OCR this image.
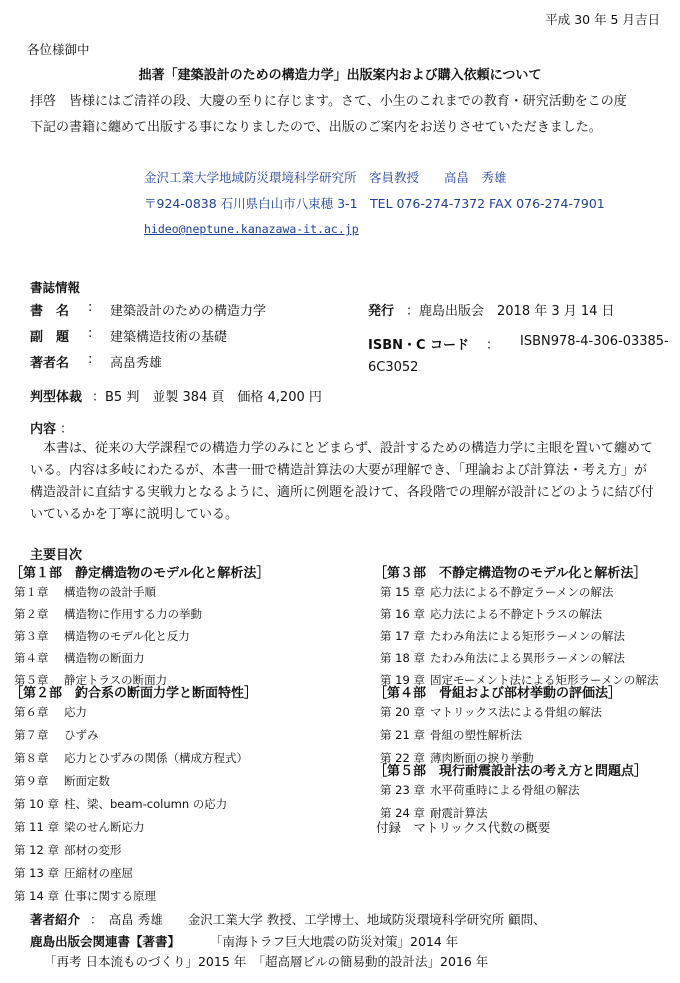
平成 30 年 5 月吉日
各位様御中
拙著「建築設計のための構造力学」出版案内および購入依頼について
拝啓　皆様にはご清祥の段、大慶の至りに存じます。さて、小生のこれまでの教育・研究活動をこの度
下記の書籍に纏めて出版する事になりましたので、出版のご案内をお送りさせていただきました。
金沢工業大学地域防災環境科学研究所　客員教授　　高畠　秀雄
〒924-0838 石川県白山市八束穂 3-1　TEL 076-274-7372 FAX 076-274-7901
hideo@neptune.kanazawa-it.ac.jp
書誌情報
書　名 : 建築設計のための構造力学
副　題 : 建築構造技術の基礎
著者名 : 高畠秀雄
発行 ：鹿島出版会　2018 年 3 月 14 日
ISBN・C コード ： ISBN978-4-306-03385-
6C3052
判型体裁 ：B5 判　並製 384 頁　価格 4,200 円
内容 ：
　本書は、従来の大学課程での構造力学のみにとどまらず、設計するための構造力学に主眼を置いて纏めている。内容は多岐にわたるが、本書一冊で構造計算法の大要が理解でき、「理論および計算法・考え方」が構造設計に直結する実戦力となるように、適所に例題を設けて、各段階での理解が設計にどのように結び付いているかを丁寧に説明している。
主要目次
［第１部　静定構造物のモデル化と解析法］
第１章 構造物の設計手順
第２章 構造物に作用する力の挙動
第３章 構造物のモデル化と反力
第４章 構造物の断面力
第５章 静定トラスの断面力
［第２部　釣合系の断面力学と断面特性］
第６章 応力
第７章 ひずみ
第８章 応力とひずみの関係（構成方程式）
第９章 断面定数
第 10 章 柱、梁、beam-column の応力
第 11 章 梁のせん断応力
第 12 章 部材の変形
第 13 章 圧縮材の座屈
第 14 章 仕事に関する原理
［第３部　不静定構造物のモデル化と解析法］
第 15 章 応力法による不静定ラーメンの解法
第 16 章 応力法による不静定トラスの解法
第 17 章 たわみ角法による矩形ラーメンの解法
第 18 章 たわみ角法による異形ラーメンの解法
第 19 章 固定モーメント法による矩形ラーメンの解法
［第４部　骨組および部材挙動の評価法］
第 20 章 マトリックス法による骨組の解法
第 21 章 骨組の塑性解析法
第 22 章 薄肉断面の捩り挙動
［第５部　現行耐震設計法の考え方と問題点］
第 23 章 水平荷重時による骨組の解法
第 24 章 耐震計算法
付録　マトリックス代数の概要
著者紹介 ：　高畠 秀雄　　金沢工業大学 教授、工学博士、地域防災環境科学研究所 顧問、
鹿島出版会関連書【著書】 「南海トラフ巨大地震の防災対策」2014 年
「再考 日本流ものづくり」2015 年　「超高層ビルの簡易動的設計法」2016 年
